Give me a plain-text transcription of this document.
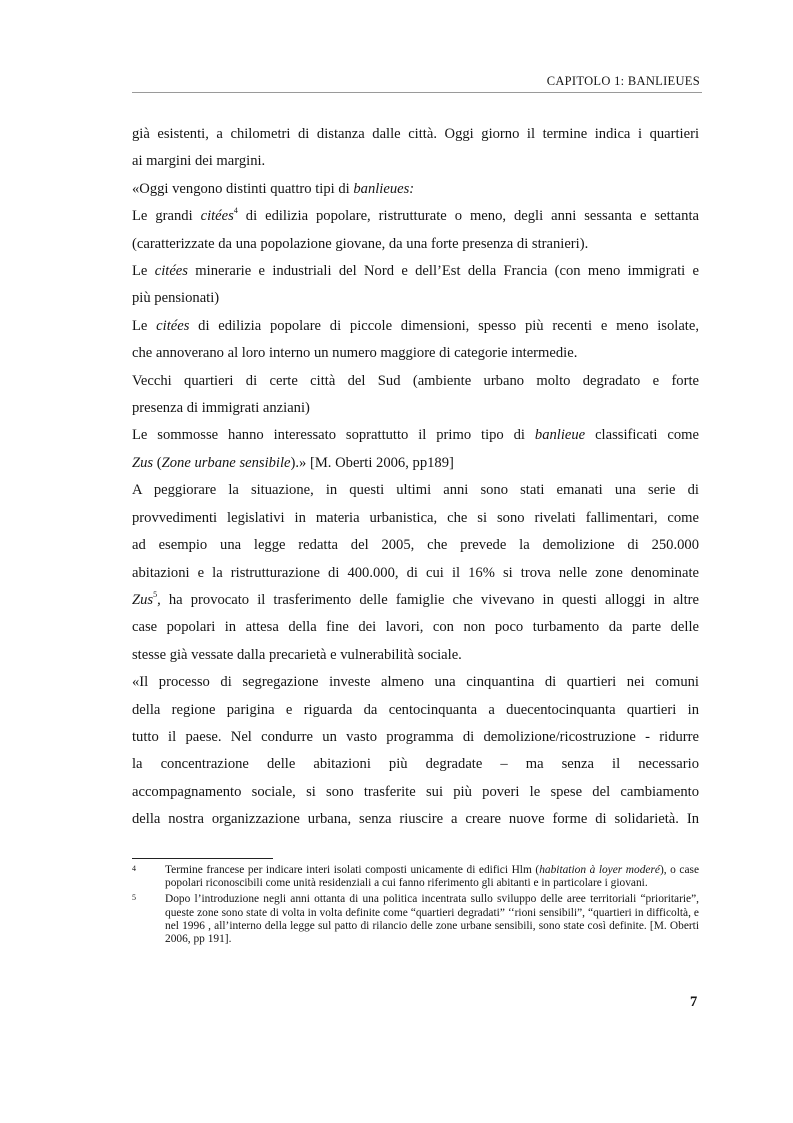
CAPITOLO 1: BANLIEUES

già esistenti, a chilometri di distanza dalle città. Oggi giorno il termine indica i quartieri

ai margini dei margini.

«Oggi vengono distinti quattro tipi di banlieues:

Le grandi citées$^4$ di edilizia popolare, ristrutturate o meno, degli anni sessanta e settanta

(caratterizzate da una popolazione giovane, da una forte presenza di stranieri).

Le citées minerarie e industriali del Nord e dell’Est della Francia (con meno immigrati e

più pensionati)

Le citées di edilizia popolare di piccole dimensioni, spesso più recenti e meno isolate,

che annoverano al loro interno un numero maggiore di categorie intermedie.

Vecchi quartieri di certe città del Sud (ambiente urbano molto degradato e forte

presenza di immigrati anziani)

Le sommosse hanno interessato soprattutto il primo tipo di banlieue classificati come

Zus (Zone urbane sensibile).» [M. Oberti 2006, pp189]

A peggiorare la situazione, in questi ultimi anni sono stati emanati una serie di

provvedimenti legislativi in materia urbanistica, che si sono rivelati fallimentari, come

ad esempio una legge redatta del 2005, che prevede la demolizione di 250.000

abitazioni e la ristrutturazione di 400.000, di cui il 16% si trova nelle zone denominate

Zus$^5$, ha provocato il trasferimento delle famiglie che vivevano in questi alloggi in altre

case popolari in attesa della fine dei lavori, con non poco turbamento da parte delle

stesse già vessate dalla precarietà e vulnerabilità sociale.

«Il processo di segregazione investe almeno una cinquantina di quartieri nei comuni

della regione parigina e riguarda da centocinquanta a duecentocinquanta quartieri in

tutto il paese. Nel condurre un vasto programma di demolizione/ricostruzione - ridurre

la concentrazione delle abitazioni più degradate – ma senza il necessario

accompagnamento sociale, si sono trasferite sui più poveri le spese del cambiamento

della nostra organizzazione urbana, senza riuscire a creare nuove forme di solidarietà. In

4	Termine francese per indicare interi isolati composti unicamente di edifici Hlm (habitation à loyer moderé), o case popolari riconoscibili come unità residenziali a cui fanno riferimento gli abitanti e in particolare i giovani.
5	Dopo l’introduzione negli anni ottanta di una politica incentrata sullo sviluppo delle aree territoriali “prioritarie”, queste zone sono state di volta in volta definite come “quartieri degradati” ‘‘rioni sensibili”, “quartieri in difficoltà, e nel 1996 , all’interno della legge sul patto di rilancio delle zone urbane sensibili, sono state così definite. [M. Oberti 2006, pp 191].
7
